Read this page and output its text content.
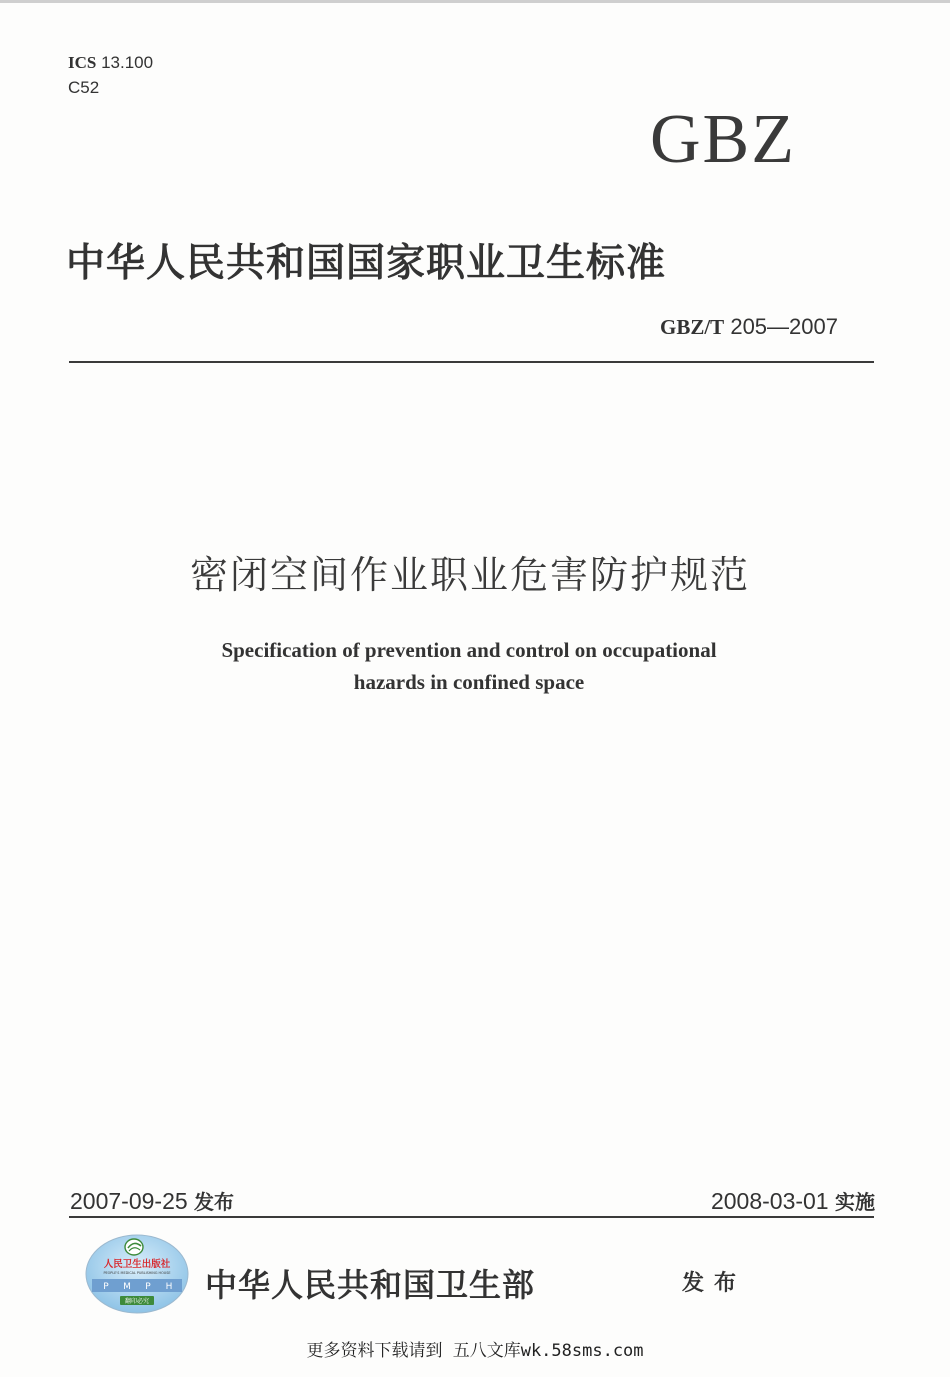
ICS 13.100
C52
GBZ
中华人民共和国国家职业卫生标准
GBZ/T 205—2007
密闭空间作业职业危害防护规范
Specification of prevention and control on occupational
hazards in confined space
2007-09-25 发布	2008-03-01 实施
人民卫生出版社
PEOPLE'S MEDICAL PUBLISHING HOUSE
P M P H
翻印必究 中华人民共和国卫生部	发布
更多资料下载请到 五八文库wk.58sms.com
